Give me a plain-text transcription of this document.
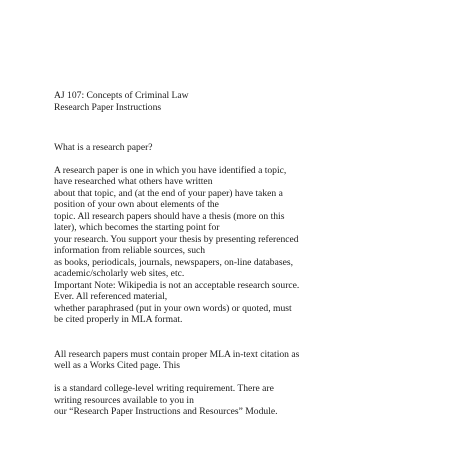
AJ 107: Concepts of Criminal Law
Research Paper Instructions
What is a research paper?
A research paper is one in which you have identified a topic,
have researched what others have written
about that topic, and (at the end of your paper) have taken a
position of your own about elements of the
topic. All research papers should have a thesis (more on this
later), which becomes the starting point for
your research. You support your thesis by presenting referenced
information from reliable sources, such
as books, periodicals, journals, newspapers, on-line databases,
academic/scholarly web sites, etc.
Important Note: Wikipedia is not an acceptable research source.
Ever. All referenced material,
whether paraphrased (put in your own words) or quoted, must
be cited properly in MLA format.
All research papers must contain proper MLA in-text citation as
well as a Works Cited page. This
is a standard college-level writing requirement. There are
writing resources available to you in
our “Research Paper Instructions and Resources” Module.
